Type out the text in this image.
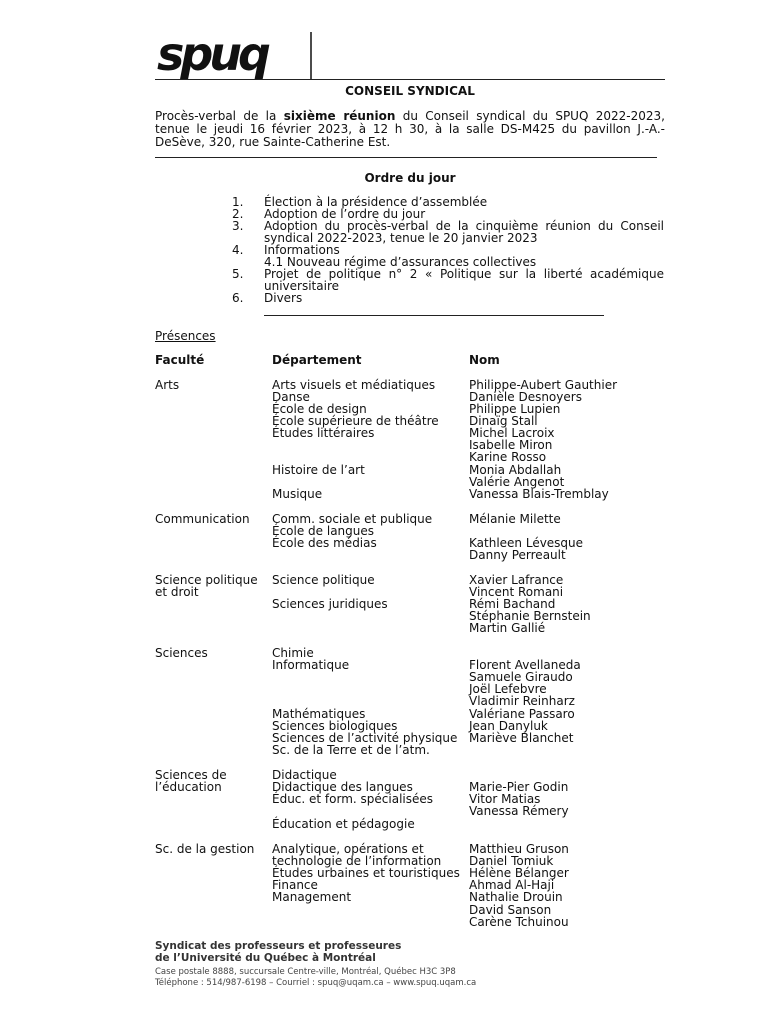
spuq
CONSEIL SYNDICAL
Procès-verbal de la sixième réunion du Conseil syndical du SPUQ 2022-2023, tenue le jeudi 16 février 2023, à 12 h 30, à la salle DS-M425 du pavillon J.-A.-DeSève, 320, rue Sainte-Catherine Est.
Ordre du jour
1. Élection à la présidence d’assemblée
2. Adoption de l’ordre du jour
3. Adoption du procès-verbal de la cinquième réunion du Conseil syndical 2022-2023, tenue le 20 janvier 2023
4. Informations
4.1 Nouveau régime d’assurances collectives
5. Projet de politique n° 2 « Politique sur la liberté académique universitaire
6. Divers
Présences
Faculté	Département	Nom
Arts
Communication
Science politique
et droit
Sciences
Sciences de
l’éducation
Sc. de la gestion
Arts visuels et médiatiques
Danse
École de design
École supérieure de théâtre
Études littéraires
Histoire de l’art
Musique
Comm. sociale et publique
École de langues
École des médias
Science politique
Sciences juridiques
Chimie
Informatique
Mathématiques
Sciences biologiques
Sciences de l’activité physique
Sc. de la Terre et de l’atm.
Didactique
Didactique des langues
Éduc. et form. spécialisées
Éducation et pédagogie
Analytique, opérations et
technologie de l’information
Études urbaines et touristiques
Finance
Management
Philippe-Aubert Gauthier
Danièle Desnoyers
Philippe Lupien
Dinaïg Stall
Michel Lacroix
Isabelle Miron
Karine Rosso
Monia Abdallah
Valérie Angenot
Vanessa Blais-Tremblay
Mélanie Milette
Kathleen Lévesque
Danny Perreault
Xavier Lafrance
Vincent Romani
Rémi Bachand
Stéphanie Bernstein
Martin Gallié
Florent Avellaneda
Samuele Giraudo
Joël Lefebvre
Vladimir Reinharz
Valériane Passaro
Jean Danyluk
Mariève Blanchet
Marie-Pier Godin
Vitor Matias
Vanessa Rémery
Matthieu Gruson
Daniel Tomiuk
Hélène Bélanger
Ahmad Al-Haji
Nathalie Drouin
David Sanson
Carène Tchuinou
Syndicat des professeurs et professeures
de l’Université du Québec à Montréal
Case postale 8888, succursale Centre-ville, Montréal, Québec H3C 3P8
Téléphone : 514/987-6198 – Courriel : spuq@uqam.ca – www.spuq.uqam.ca
